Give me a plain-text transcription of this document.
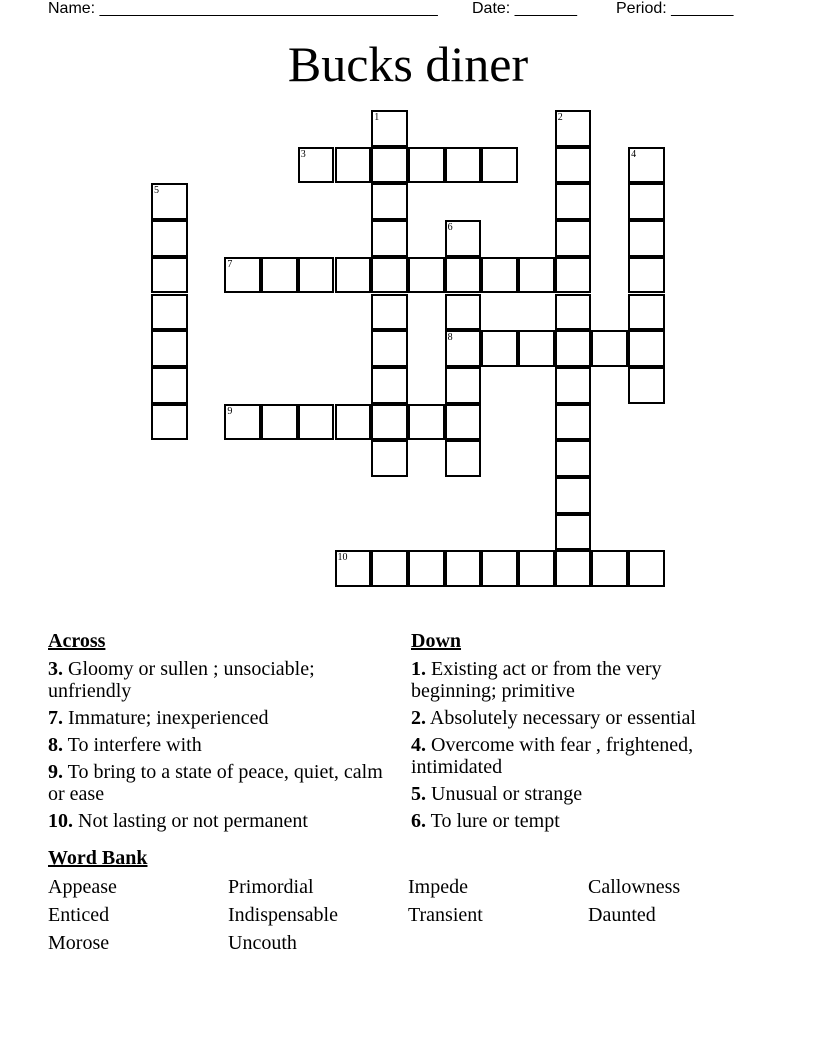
Name: ______________________________________ Date: _______ Period: _______
Bucks diner
1	2
3	4
5
6
8
7
9
10
Across
3. Gloomy or sullen ; unsociable; unfriendly
7. Immature; inexperienced
8. To interfere with
9. To bring to a state of peace, quiet, calm or ease
10. Not lasting or not permanent
Down
1. Existing act or from the very beginning; primitive
2. Absolutely necessary or essential
4. Overcome with fear , frightened, intimidated
5. Unusual or strange
6. To lure or tempt
Word Bank
Appease	Primordial	Impede	Callowness
Enticed	Indispensable	Transient	Daunted
Morose	Uncouth
